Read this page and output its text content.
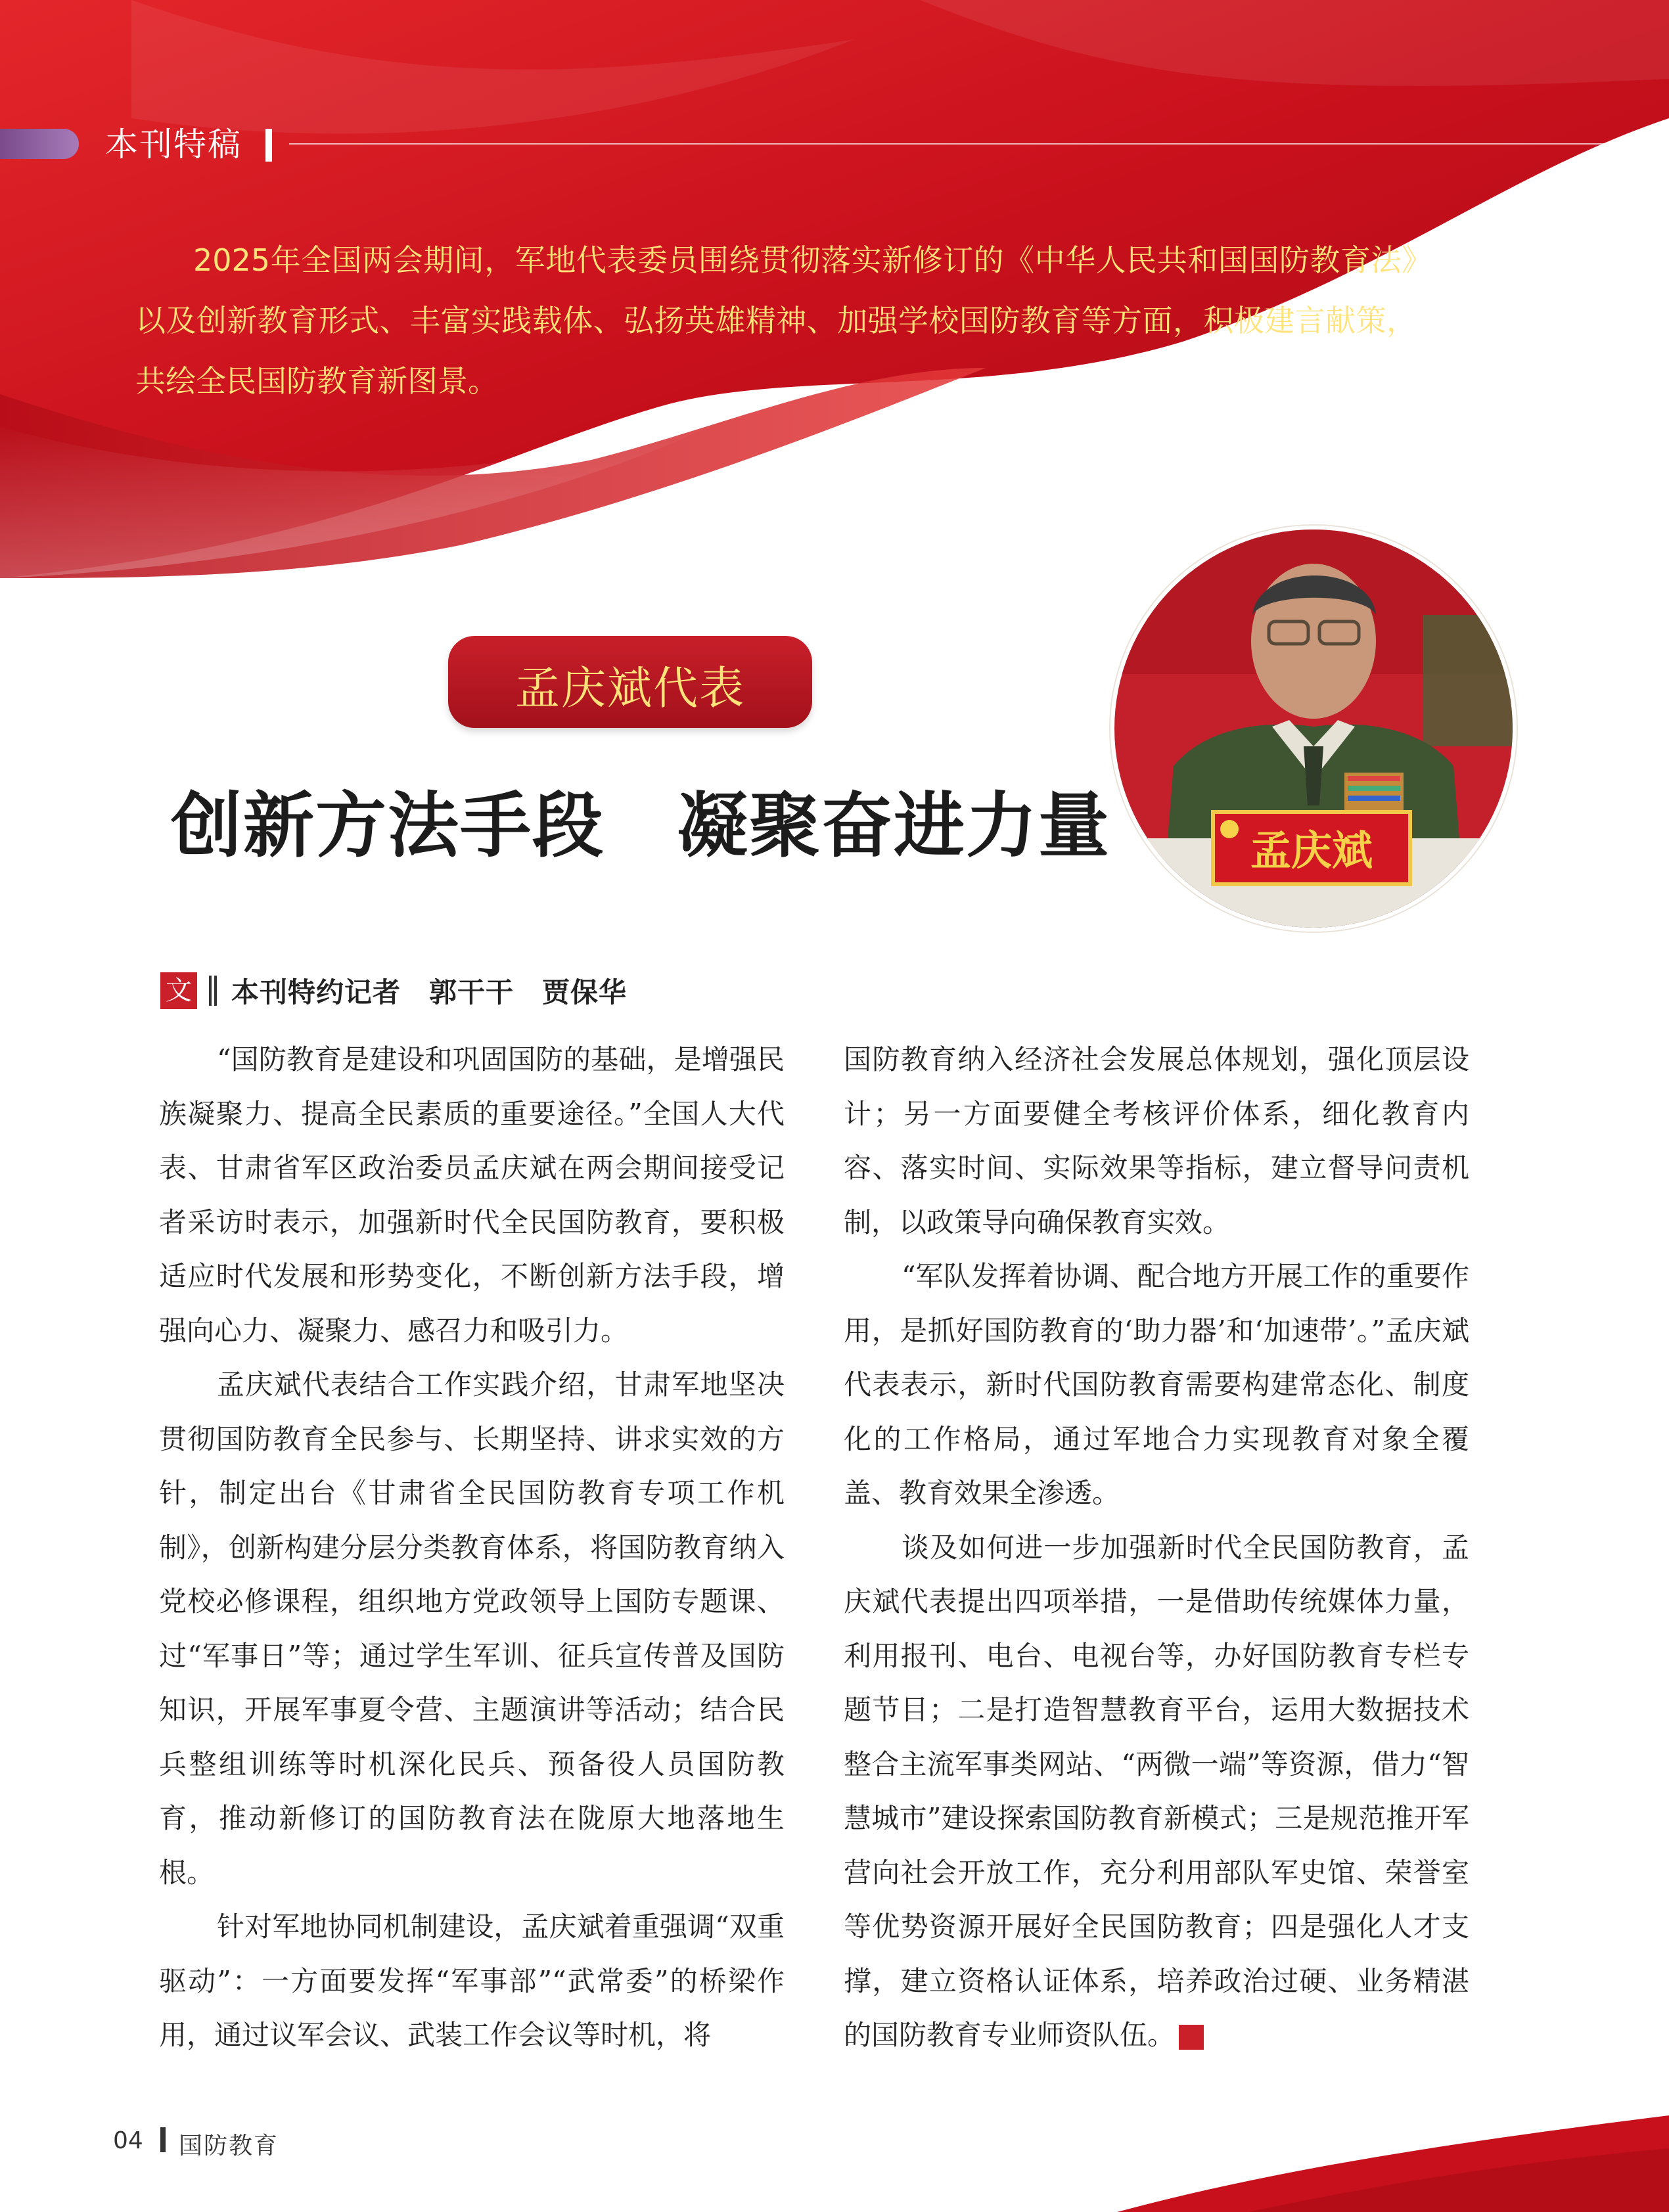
本刊特稿
2025年全国两会期间，军地代表委员围绕贯彻落实新修订的《中华人民共和国国防教育法》以及创新教育形式、丰富实践载体、弘扬英雄精神、加强学校国防教育等方面，积极建言献策，共绘全民国防教育新图景。
孟庆斌
孟庆斌代表
创新方法手段　凝聚奋进力量
文 本刊特约记者　郭干干　贾保华

“国防教育是建设和巩固国防的基础，是增强民族凝聚力、提高全民素质的重要途径。”全国人大代表、甘肃省军区政治委员孟庆斌在两会期间接受记者采访时表示，加强新时代全民国防教育，要积极适应时代发展和形势变化，不断创新方法手段，增强向心力、凝聚力、感召力和吸引力。

孟庆斌代表结合工作实践介绍，甘肃军地坚决贯彻国防教育全民参与、长期坚持、讲求实效的方针，制定出台《甘肃省全民国防教育专项工作机制》，创新构建分层分类教育体系，将国防教育纳入党校必修课程，组织地方党政领导上国防专题课、过“军事日”等；通过学生军训、征兵宣传普及国防知识，开展军事夏令营、主题演讲等活动；结合民兵整组训练等时机深化民兵、预备役人员国防教育，推动新修订的国防教育法在陇原大地落地生根。

针对军地协同机制建设，孟庆斌着重强调“双重驱动”：一方面要发挥“军事部”“武常委”的桥梁作用，通过议军会议、武装工作会议等时机，将

国防教育纳入经济社会发展总体规划，强化顶层设计；另一方面要健全考核评价体系，细化教育内容、落实时间、实际效果等指标，建立督导问责机制，以政策导向确保教育实效。

“军队发挥着协调、配合地方开展工作的重要作用，是抓好国防教育的‘助力器’和‘加速带’。”孟庆斌代表表示，新时代国防教育需要构建常态化、制度化的工作格局，通过军地合力实现教育对象全覆盖、教育效果全渗透。

谈及如何进一步加强新时代全民国防教育，孟庆斌代表提出四项举措，一是借助传统媒体力量，利用报刊、电台、电视台等，办好国防教育专栏专题节目；二是打造智慧教育平台，运用大数据技术整合主流军事类网站、“两微一端”等资源，借力“智慧城市”建设探索国防教育新模式；三是规范推开军营向社会开放工作，充分利用部队军史馆、荣誉室等优势资源开展好全民国防教育；四是强化人才支撑，建立资格认证体系，培养政治过硬、业务精湛的国防教育专业师资队伍。	G

04 国防教育
